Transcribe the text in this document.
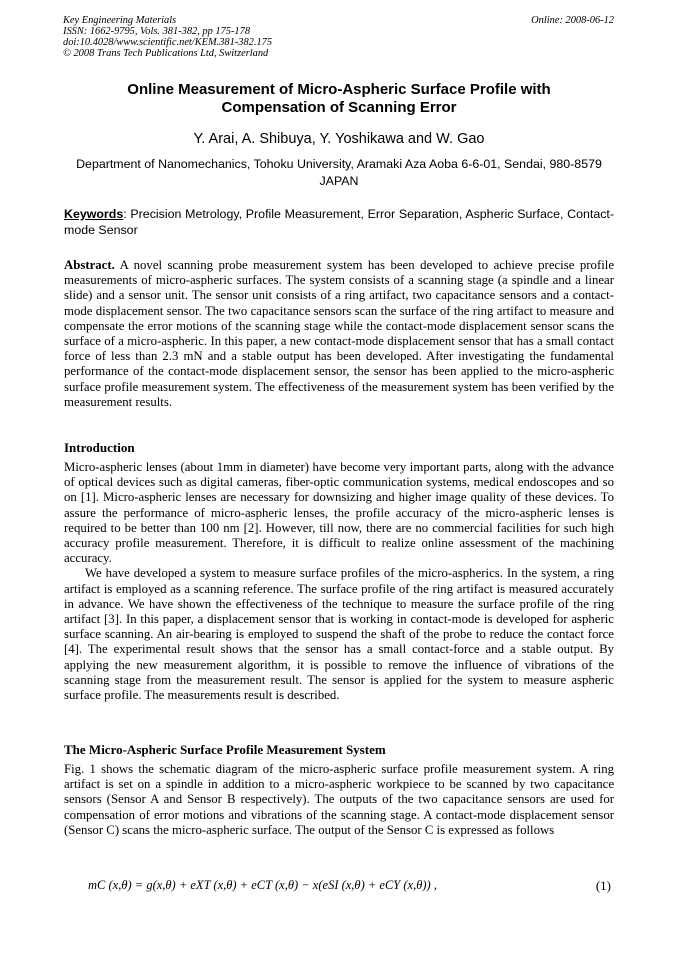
Key Engineering Materials
ISSN: 1662-9795, Vols. 381-382, pp 175-178
doi:10.4028/www.scientific.net/KEM.381-382.175
© 2008 Trans Tech Publications Ltd, Switzerland
Online: 2008-06-12
Online Measurement of Micro-Aspheric Surface Profile with
Compensation of Scanning Error
Y. Arai, A. Shibuya, Y. Yoshikawa and W. Gao
Department of Nanomechanics, Tohoku University, Aramaki Aza Aoba 6-6-01, Sendai, 980-8579
JAPAN
Keywords: Precision Metrology, Profile Measurement, Error Separation, Aspheric Surface, Contact-mode Sensor

Abstract. A novel scanning probe measurement system has been developed to achieve precise profile measurements of micro-aspheric surfaces. The system consists of a scanning stage (a spindle and a linear slide) and a sensor unit. The sensor unit consists of a ring artifact, two capacitance sensors and a contact-mode displacement sensor. The two capacitance sensors scan the surface of the ring artifact to measure and compensate the error motions of the scanning stage while the contact-mode displacement sensor scans the surface of a micro-aspheric. In this paper, a new contact-mode displacement sensor that has a small contact force of less than 2.3 mN and a stable output has been developed. After investigating the fundamental performance of the contact-mode displacement sensor, the sensor has been applied to the micro-aspheric surface profile measurement system. The effectiveness of the measurement system has been verified by the measurement results.

Introduction

Micro-aspheric lenses (about 1mm in diameter) have become very important parts, along with the advance of optical devices such as digital cameras, fiber-optic communication systems, medical endoscopes and so on [1]. Micro-aspheric lenses are necessary for downsizing and higher image quality of these devices. To assure the performance of micro-aspheric lenses, the profile accuracy of the micro-aspheric lenses is required to be better than 100 nm [2]. However, till now, there are no commercial facilities for such high accuracy profile measurement. Therefore, it is difficult to realize online assessment of the machining accuracy.

We have developed a system to measure surface profiles of the micro-aspherics. In the system, a ring artifact is employed as a scanning reference. The surface profile of the ring artifact is measured accurately in advance. We have shown the effectiveness of the technique to measure the surface profile of the ring artifact [3]. In this paper, a displacement sensor that is working in contact-mode is developed for aspheric surface scanning. An air-bearing is employed to suspend the shaft of the probe to reduce the contact force [4]. The experimental result shows that the sensor has a small contact-force and a stable output. By applying the new measurement algorithm, it is possible to remove the influence of vibrations of the scanning stage from the measurement result. The sensor is applied for the system to measure aspheric surface profile. The measurements result is described.

The Micro-Aspheric Surface Profile Measurement System

Fig. 1 shows the schematic diagram of the micro-aspheric surface profile measurement system. A ring artifact is set on a spindle in addition to a micro-aspheric workpiece to be scanned by two capacitance sensors (Sensor A and Sensor B respectively). The outputs of the two capacitance sensors are used for compensation of error motions and vibrations of the scanning stage. A contact-mode displacement sensor (Sensor C) scans the micro-aspheric surface. The output of the Sensor C is expressed as follows

mC (x,θ) = g(x,θ) + eXT (x,θ) + eCT (x,θ) − x(eSI (x,θ) + eCY (x,θ)) ,	(1)
